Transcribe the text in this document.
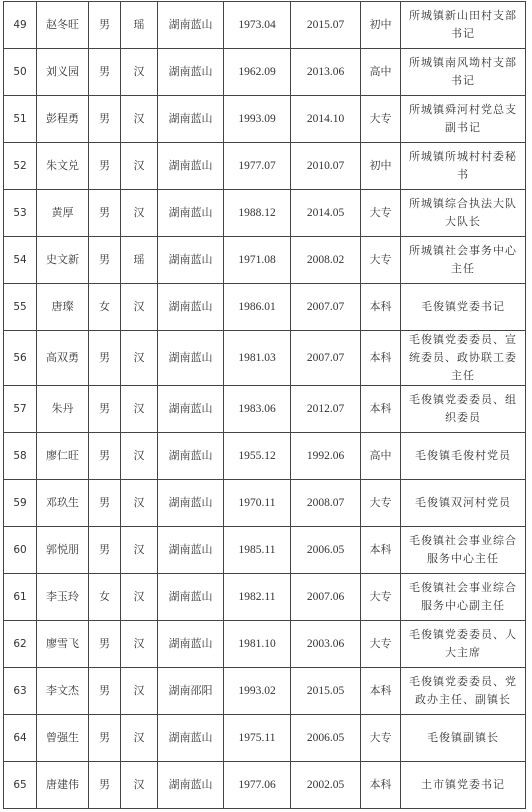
49	赵冬旺	男	瑶	湖南蓝山	1973.04	2015.07	初中	所城镇新山田村支部书记
50	刘义园	男	汉	湖南蓝山	1962.09	2013.06	高中	所城镇南风坳村支部书记
51	彭程勇	男	汉	湖南蓝山	1993.09	2014.10	大专	所城镇舜河村党总支副书记
52	朱文兑	男	汉	湖南蓝山	1977.07	2010.07	初中	所城镇所城村村委秘书
53	黄厚	男	汉	湖南蓝山	1988.12	2014.05	大专	所城镇综合执法大队大队长
54	史文新	男	瑶	湖南蓝山	1971.08	2008.02	大专	所城镇社会事务中心主任
55	唐璨	女	汉	湖南蓝山	1986.01	2007.07	本科	毛俊镇党委书记
56	高双勇	男	汉	湖南蓝山	1981.03	2007.07	本科	毛俊镇党委委员、宣统委员、政协联工委主任
57	朱丹	男	汉	湖南蓝山	1983.06	2012.07	本科	毛俊镇党委委员、组织委员
58	廖仁旺	男	汉	湖南蓝山	1955.12	1992.06	高中	毛俊镇毛俊村党员
59	邓玖生	男	汉	湖南蓝山	1970.11	2008.07	大专	毛俊镇双河村党员
60	郭悦朋	男	汉	湖南蓝山	1985.11	2006.05	本科	毛俊镇社会事业综合服务中心主任
61	李玉玲	女	汉	湖南蓝山	1982.11	2007.06	大专	毛俊镇社会事业综合服务中心副主任
62	廖雪飞	男	汉	湖南蓝山	1981.10	2003.06	大专	毛俊镇党委委员、人大主席
63	李文杰	男	汉	湖南邵阳	1993.02	2015.05	本科	毛俊镇党委委员、党政办主任、副镇长
64	曾强生	男	汉	湖南蓝山	1975.11	2006.05	大专	毛俊镇副镇长
65	唐建伟	男	汉	湖南蓝山	1977.06	2002.05	本科	土市镇党委书记
